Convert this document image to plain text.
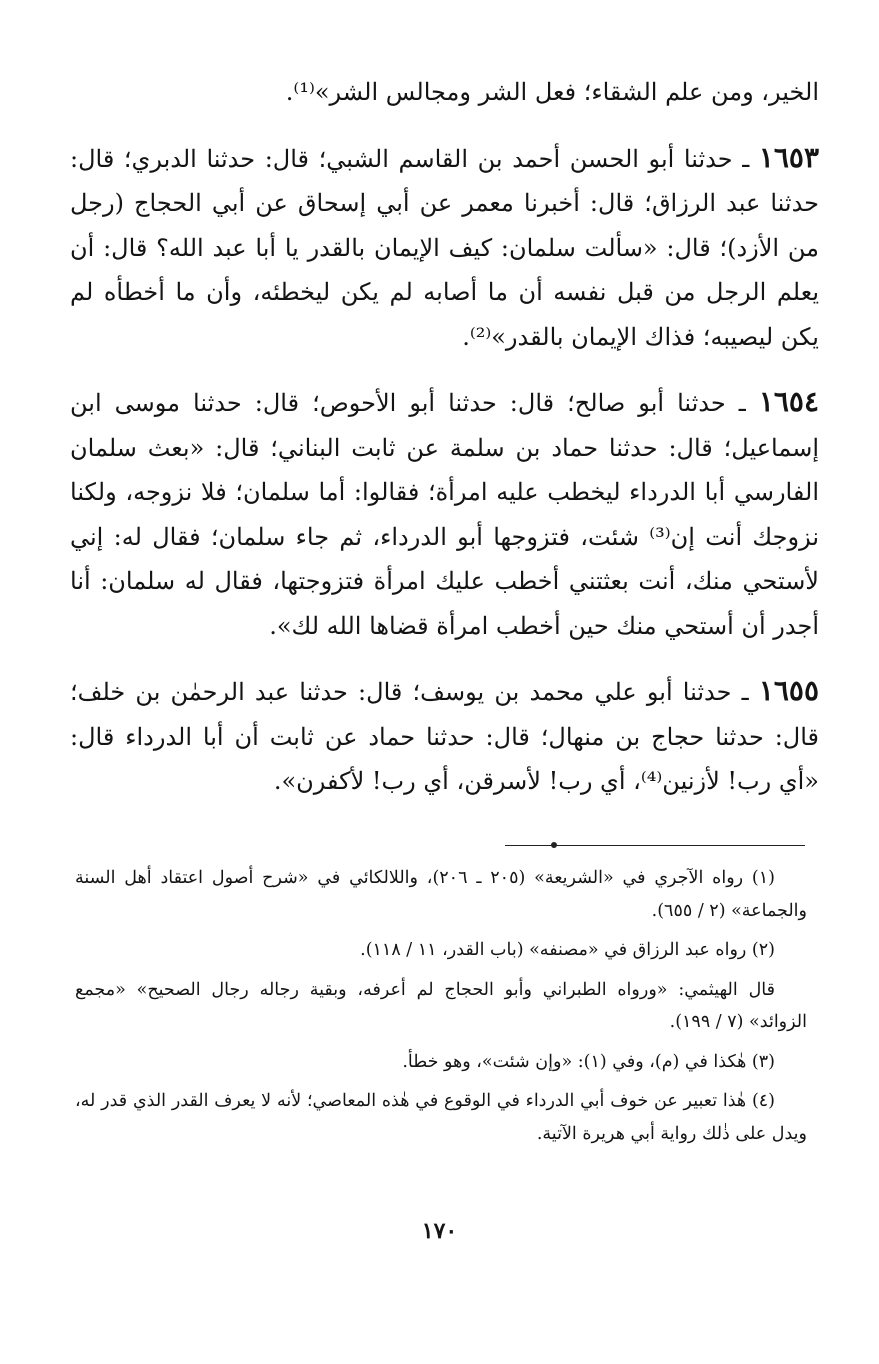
الخير، ومن علم الشقاء؛ فعل الشر ومجالس الشر»⁽¹⁾.

١٦٥٣ ـ حدثنا أبو الحسن أحمد بن القاسم الشبي؛ قال: حدثنا الدبري؛ قال: حدثنا عبد الرزاق؛ قال: أخبرنا معمر عن أبي إسحاق عن أبي الحجاج (رجل من الأزد)؛ قال: «سألت سلمان: كيف الإيمان بالقدر يا أبا عبد الله؟ قال: أن يعلم الرجل من قبل نفسه أن ما أصابه لم يكن ليخطئه، وأن ما أخطأه لم يكن ليصيبه؛ فذاك الإيمان بالقدر»⁽²⁾.

١٦٥٤ ـ حدثنا أبو صالح؛ قال: حدثنا أبو الأحوص؛ قال: حدثنا موسى ابن إسماعيل؛ قال: حدثنا حماد بن سلمة عن ثابت البناني؛ قال: «بعث سلمان الفارسي أبا الدرداء ليخطب عليه امرأة؛ فقالوا: أما سلمان؛ فلا نزوجه، ولكنا نزوجك أنت إن⁽³⁾ شئت، فتزوجها أبو الدرداء، ثم جاء سلمان؛ فقال له: إني لأستحي منك، أنت بعثتني أخطب عليك امرأة فتزوجتها، فقال له سلمان: أنا أجدر أن أستحي منك حين أخطب امرأة قضاها الله لك».

١٦٥٥ ـ حدثنا أبو علي محمد بن يوسف؛ قال: حدثنا عبد الرحمٰن بن خلف؛ قال: حدثنا حجاج بن منهال؛ قال: حدثنا حماد عن ثابت أن أبا الدرداء قال: «أي رب! لأزنين⁽⁴⁾، أي رب! لأسرقن، أي رب! لأكفرن».

(١) رواه الآجري في «الشريعة» (٢٠٥ ـ ٢٠٦)، واللالكائي في «شرح أصول اعتقاد أهل السنة والجماعة» (٢ / ٦٥٥).

(٢) رواه عبد الرزاق في «مصنفه» (باب القدر، ١١ / ١١٨).

قال الهيثمي: «ورواه الطبراني وأبو الحجاج لم أعرفه، وبقية رجاله رجال الصحيح» «مجمع الزوائد» (٧ / ١٩٩).

(٣) هٰكذا في (م)، وفي (١): «وإن شئت»، وهو خطأ.

(٤) هٰذا تعبير عن خوف أبي الدرداء في الوقوع في هٰذه المعاصي؛ لأنه لا يعرف القدر الذي قدر له، ويدل على ذٰلك رواية أبي هريرة الآتية.

١٧٠
